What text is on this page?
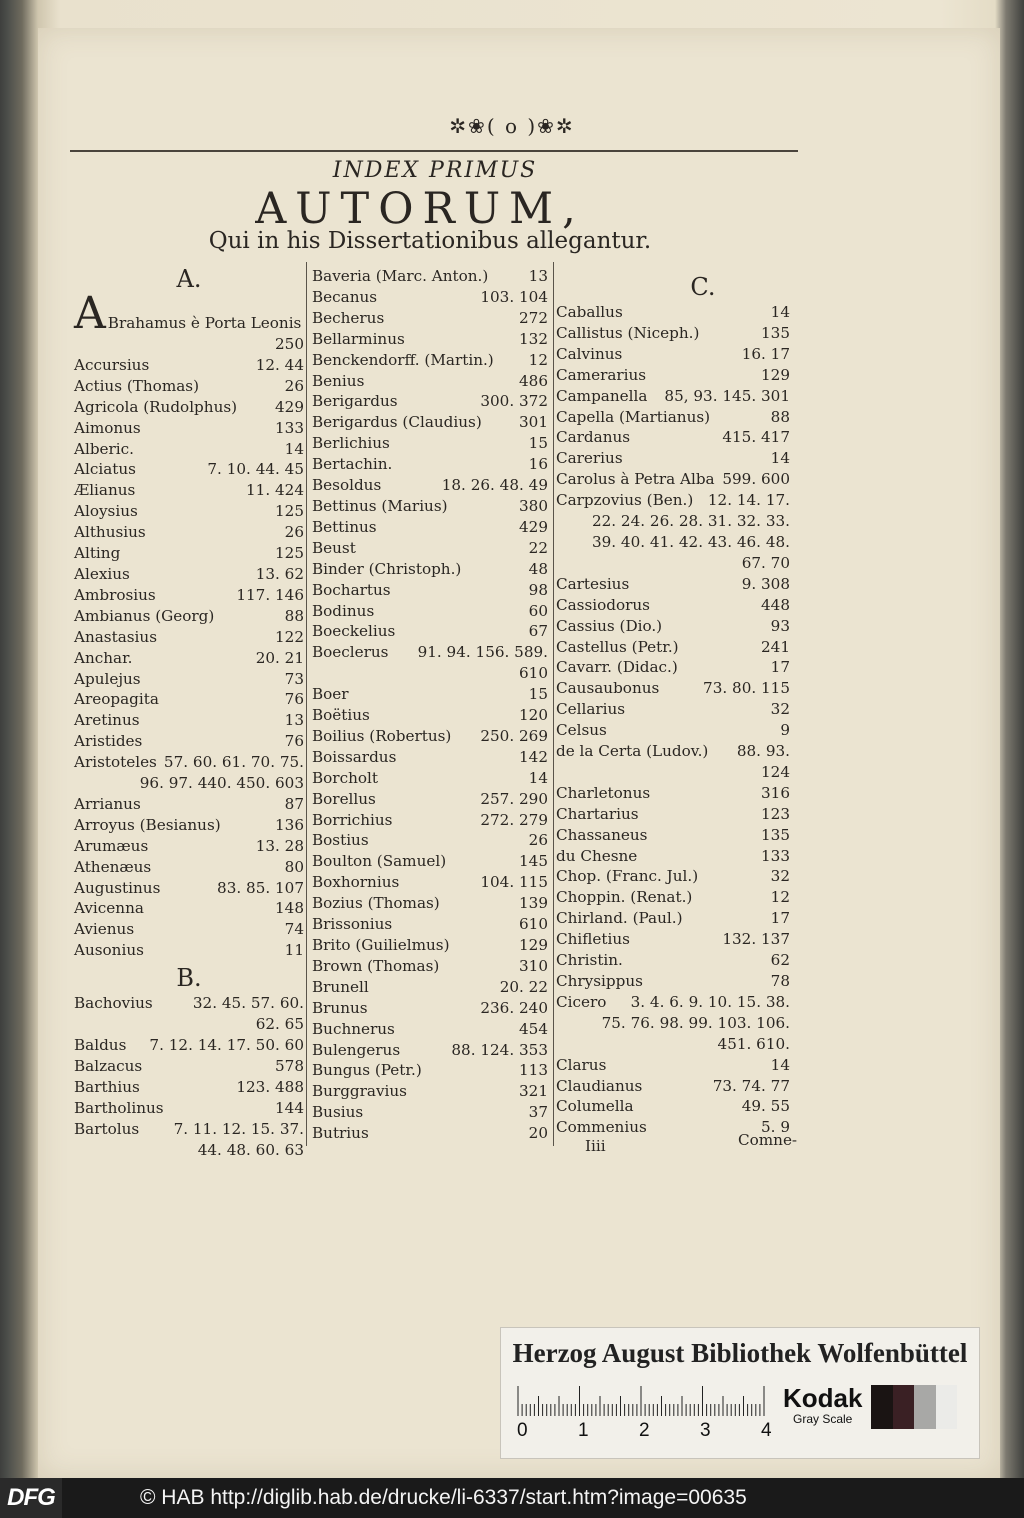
✲❀( o )❀✲
INDEX PRIMUS
AUTORUM,
Qui in his Dissertationibus allegantur.
A.
A Brahamus è Porta Leonis
250
Accursius	12. 44
Actius (Thomas)	26
Agricola (Rudolphus) 429
Aimonus	133
Alberic.	14
Alciatus	7. 10. 44. 45
Ælianus	11. 424
Aloysius	125
Althusius	26
Alting	125
Alexius	13. 62
Ambrosius	117. 146
Ambianus (Georg)	88
Anastasius	122
Anchar.	20. 21
Apulejus	73
Areopagita	76
Aretinus	13
Aristides	76
Aristoteles 57. 60. 61. 70. 75.
96. 97. 440. 450. 603
Arrianus	87
Arroyus (Besianus)	136
Arumæus	13. 28
Athenæus	80
Augustinus	83. 85. 107
Avicenna	148
Avienus	74
Ausonius	11
B.
Bachovius	32. 45. 57. 60.
62. 65
Baldus 7. 12. 14. 17. 50. 60
Balzacus	578
Barthius	123. 488
Bartholinus	144
Bartolus 7. 11. 12. 15. 37.
44. 48. 60. 63
Baveria (Marc. Anton.)	13
Becanus	103. 104
Becherus	272
Bellarminus	132
Benckendorff. (Martin.) 12
Benius	486
Berigardus	300. 372
Berigardus (Claudius) 301
Berlichius	15
Bertachin.	16
Besoldus	18. 26. 48. 49
Bettinus (Marius)	380
Bettinus	429
Beust	22
Binder (Christoph.)	48
Bochartus	98
Bodinus	60
Boeckelius	67
Boeclerus 91. 94. 156. 589.
610
Boer	15
Boëtius	120
Boilius (Robertus) 250. 269
Boissardus	142
Borcholt	14
Borellus	257. 290
Borrichius	272. 279
Bostius	26
Boulton (Samuel)	145
Boxhornius	104. 115
Bozius (Thomas)	139
Brissonius	610
Brito (Guilielmus)	129
Brown (Thomas)	310
Brunell	20. 22
Brunus	236. 240
Buchnerus	454
Bulengerus	88. 124. 353
Bungus (Petr.)	113
Burggravius	321
Busius	37
Butrius	20
C.
Caballus	14
Callistus (Niceph.)	135
Calvinus	16. 17
Camerarius	129
Campanella 85, 93. 145. 301
Capella (Martianus)	88
Cardanus	415. 417
Carerius	14
Carolus à Petra Alba 599. 600
Carpzovius (Ben.) 12. 14. 17.
22. 24. 26. 28. 31. 32. 33.
39. 40. 41. 42. 43. 46. 48.
67. 70
Cartesius	9. 308
Cassiodorus	448
Cassius (Dio.)	93
Castellus (Petr.)	241
Cavarr. (Didac.)	17
Causaubonus	73. 80. 115
Cellarius	32
Celsus	9
de la Certa (Ludov.) 88. 93.
124
Charletonus	316
Chartarius	123
Chassaneus	135
du Chesne	133
Chop. (Franc. Jul.)	32
Choppin. (Renat.)	12
Chirland. (Paul.)	17
Chifletius	132. 137
Christin.	62
Chrysippus	78
Cicero 3. 4. 6. 9. 10. 15. 38.
75. 76. 98. 99. 103. 106.
451. 610.
Clarus	14
Claudianus	73. 74. 77
Columella	49. 55
Commenius	5. 9
Iiii	Comne-
Herzog August Bibliothek Wolfenbüttel
0	1	2	3	4
Kodak
Gray Scale
DFG	© HAB http://diglib.hab.de/drucke/li-6337/start.htm?image=00635
